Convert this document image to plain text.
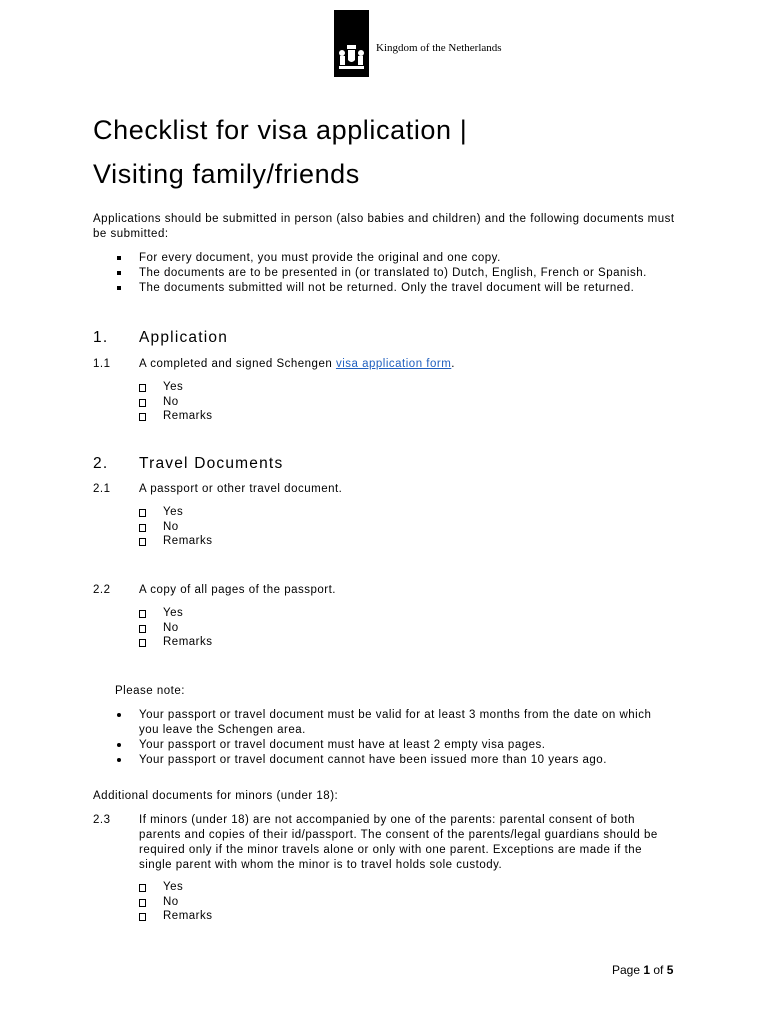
Kingdom of the Netherlands
Checklist for visa application |
Visiting family/friends
Applications should be submitted in person (also babies and children) and the following documents must be submitted:
For every document, you must provide the original and one copy.
The documents are to be presented in (or translated to) Dutch, English, French or Spanish.
The documents submitted will not be returned. Only the travel document will be returned.
1. Application
1.1 A completed and signed Schengen visa application form.
Yes
No
Remarks
2. Travel Documents
2.1 A passport or other travel document.
Yes
No
Remarks
2.2 A copy of all pages of the passport.
Yes
No
Remarks
Please note:
Your passport or travel document must be valid for at least 3 months from the date on which you leave the Schengen area.
Your passport or travel document must have at least 2 empty visa pages.
Your passport or travel document cannot have been issued more than 10 years ago.
Additional documents for minors (under 18):
2.3 If minors (under 18) are not accompanied by one of the parents: parental consent of both parents and copies of their id/passport. The consent of the parents/legal guardians should be required only if the minor travels alone or only with one parent. Exceptions are made if the single parent with whom the minor is to travel holds sole custody.
Yes
No
Remarks
Page 1 of 5
